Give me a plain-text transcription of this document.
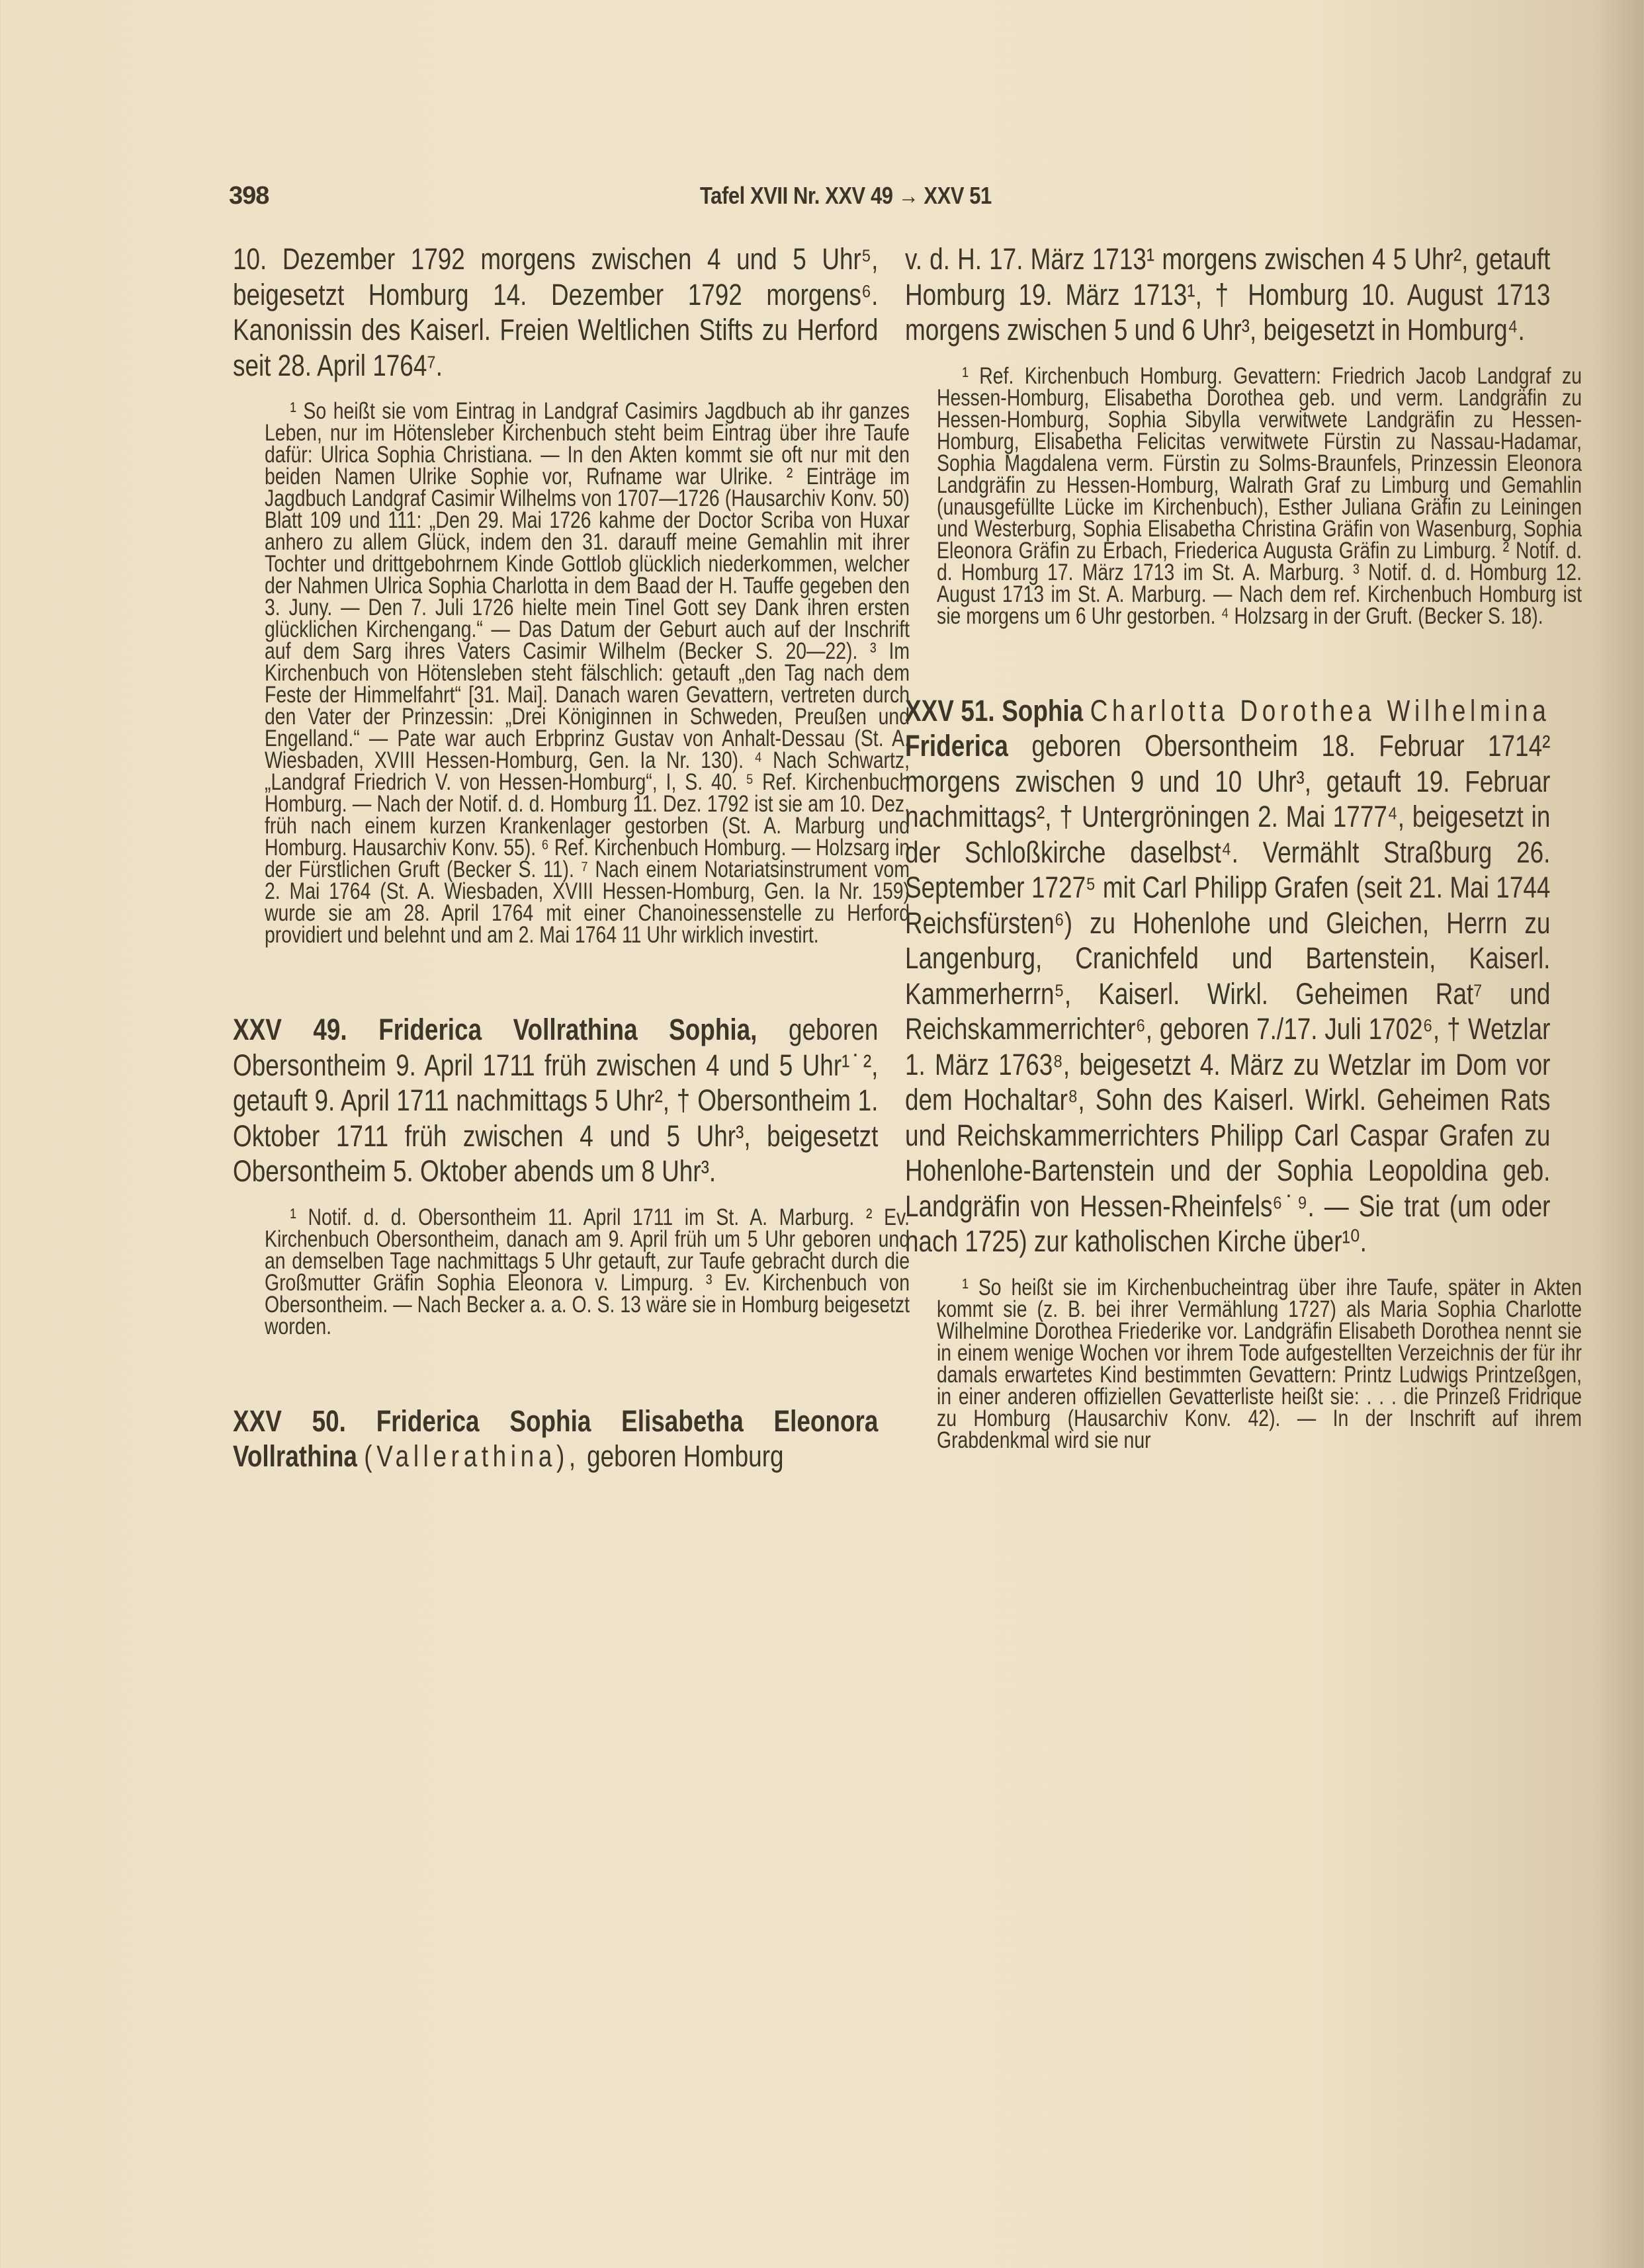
398	Tafel XVII Nr. XXV 49 → XXV 51

10. Dezember 1792 morgens zwischen 4 und 5 Uhr⁵, beigesetzt Homburg 14. Dezember 1792 morgens⁶. Kanonissin des Kaiserl. Freien Weltlichen Stifts zu Herford seit 28. April 1764⁷.

¹ So heißt sie vom Eintrag in Landgraf Casimirs Jagdbuch ab ihr ganzes Leben, nur im Hötensleber Kirchenbuch steht beim Eintrag über ihre Taufe dafür: Ulrica Sophia Christiana. — In den Akten kommt sie oft nur mit den beiden Namen Ulrike Sophie vor, Rufname war Ulrike. ² Einträge im Jagdbuch Landgraf Casimir Wilhelms von 1707—1726 (Hausarchiv Konv. 50) Blatt 109 und 111: „Den 29. Mai 1726 kahme der Doctor Scriba von Huxar anhero zu allem Glück, indem den 31. darauff meine Gemahlin mit ihrer Tochter und drittgebohrnem Kinde Gottlob glücklich niederkommen, welcher der Nahmen Ulrica Sophia Charlotta in dem Baad der H. Tauffe gegeben den 3. Juny. — Den 7. Juli 1726 hielte mein Tinel Gott sey Dank ihren ersten glücklichen Kirchengang.“ — Das Datum der Geburt auch auf der Inschrift auf dem Sarg ihres Vaters Casimir Wilhelm (Becker S. 20—22). ³ Im Kirchenbuch von Hötensleben steht fälschlich: getauft „den Tag nach dem Feste der Himmelfahrt“ [31. Mai]. Danach waren Gevattern, vertreten durch den Vater der Prinzessin: „Drei Königinnen in Schweden, Preußen und Engelland.“ — Pate war auch Erbprinz Gustav von Anhalt-Dessau (St. A. Wiesbaden, XVIII Hessen-Homburg, Gen. Ia Nr. 130). ⁴ Nach Schwartz, „Landgraf Friedrich V. von Hessen-Homburg“, I, S. 40. ⁵ Ref. Kirchenbuch Homburg. — Nach der Notif. d. d. Homburg 11. Dez. 1792 ist sie am 10. Dez. früh nach einem kurzen Krankenlager gestorben (St. A. Marburg und Homburg. Hausarchiv Konv. 55). ⁶ Ref. Kirchenbuch Homburg. — Holzsarg in der Fürstlichen Gruft (Becker S. 11). ⁷ Nach einem Notariatsinstrument vom 2. Mai 1764 (St. A. Wiesbaden, XVIII Hessen-Homburg, Gen. Ia Nr. 159) wurde sie am 28. April 1764 mit einer Chanoinessenstelle zu Herford providiert und belehnt und am 2. Mai 1764 11 Uhr wirklich investirt.

XXV 49. Friderica Vollrathina Sophia, geboren Obersontheim 9. April 1711 früh zwischen 4 und 5 Uhr¹˙², getauft 9. April 1711 nachmittags 5 Uhr², † Obersontheim 1. Oktober 1711 früh zwischen 4 und 5 Uhr³, beigesetzt Obersontheim 5. Oktober abends um 8 Uhr³.

¹ Notif. d. d. Obersontheim 11. April 1711 im St. A. Marburg. ² Ev. Kirchenbuch Obersontheim, danach am 9. April früh um 5 Uhr geboren und an demselben Tage nachmittags 5 Uhr getauft, zur Taufe gebracht durch die Großmutter Gräfin Sophia Eleonora v. Limpurg. ³ Ev. Kirchenbuch von Obersontheim. — Nach Becker a. a. O. S. 13 wäre sie in Homburg beigesetzt worden.

XXV 50. Friderica Sophia Elisabetha Eleonora Vollrathina (Vallerathina), geboren Homburg

v. d. H. 17. März 1713¹ morgens zwischen 4 5 Uhr², getauft Homburg 19. März 1713¹, † Homburg 10. August 1713 morgens zwischen 5 und 6 Uhr³, beigesetzt in Homburg⁴.

¹ Ref. Kirchenbuch Homburg. Gevattern: Friedrich Jacob Landgraf zu Hessen-Homburg, Elisabetha Dorothea geb. und verm. Landgräfin zu Hessen-Homburg, Sophia Sibylla verwitwete Landgräfin zu Hessen-Homburg, Elisabetha Felicitas verwitwete Fürstin zu Nassau-Hadamar, Sophia Magdalena verm. Fürstin zu Solms-Braunfels, Prinzessin Eleonora Landgräfin zu Hessen-Homburg, Walrath Graf zu Limburg und Gemahlin (unausgefüllte Lücke im Kirchenbuch), Esther Juliana Gräfin zu Leiningen und Westerburg, Sophia Elisabetha Christina Gräfin von Wasenburg, Sophia Eleonora Gräfin zu Erbach, Friederica Augusta Gräfin zu Limburg. ² Notif. d. d. Homburg 17. März 1713 im St. A. Marburg. ³ Notif. d. d. Homburg 12. August 1713 im St. A. Marburg. — Nach dem ref. Kirchenbuch Homburg ist sie morgens um 6 Uhr gestorben. ⁴ Holzsarg in der Gruft. (Becker S. 18).

XXV 51. Sophia Charlotta Dorothea Wilhelmina Friderica geboren Obersontheim 18. Februar 1714² morgens zwischen 9 und 10 Uhr³, getauft 19. Februar nachmittags², † Untergröningen 2. Mai 1777⁴, beigesetzt in der Schloßkirche daselbst⁴. Vermählt Straßburg 26. September 1727⁵ mit Carl Philipp Grafen (seit 21. Mai 1744 Reichsfürsten⁶) zu Hohenlohe und Gleichen, Herrn zu Langenburg, Cranichfeld und Bartenstein, Kaiserl. Kammerherrn⁵, Kaiserl. Wirkl. Geheimen Rat⁷ und Reichskammerrichter⁶, geboren 7./17. Juli 1702⁶, † Wetzlar 1. März 1763⁸, beigesetzt 4. März zu Wetzlar im Dom vor dem Hochaltar⁸, Sohn des Kaiserl. Wirkl. Geheimen Rats und Reichskammerrichters Philipp Carl Caspar Grafen zu Hohenlohe-Bartenstein und der Sophia Leopoldina geb. Landgräfin von Hessen-Rheinfels⁶˙⁹. — Sie trat (um oder nach 1725) zur katholischen Kirche über¹⁰.

¹ So heißt sie im Kirchenbucheintrag über ihre Taufe, später in Akten kommt sie (z. B. bei ihrer Vermählung 1727) als Maria Sophia Charlotte Wilhelmine Dorothea Friederike vor. Landgräfin Elisabeth Dorothea nennt sie in einem wenige Wochen vor ihrem Tode aufgestellten Verzeichnis der für ihr damals erwartetes Kind bestimmten Gevattern: Printz Ludwigs Printzeßgen, in einer anderen offiziellen Gevatterliste heißt sie: . . . die Prinzeß Fridrique zu Homburg (Hausarchiv Konv. 42). — In der Inschrift auf ihrem Grabdenkmal wird sie nur
